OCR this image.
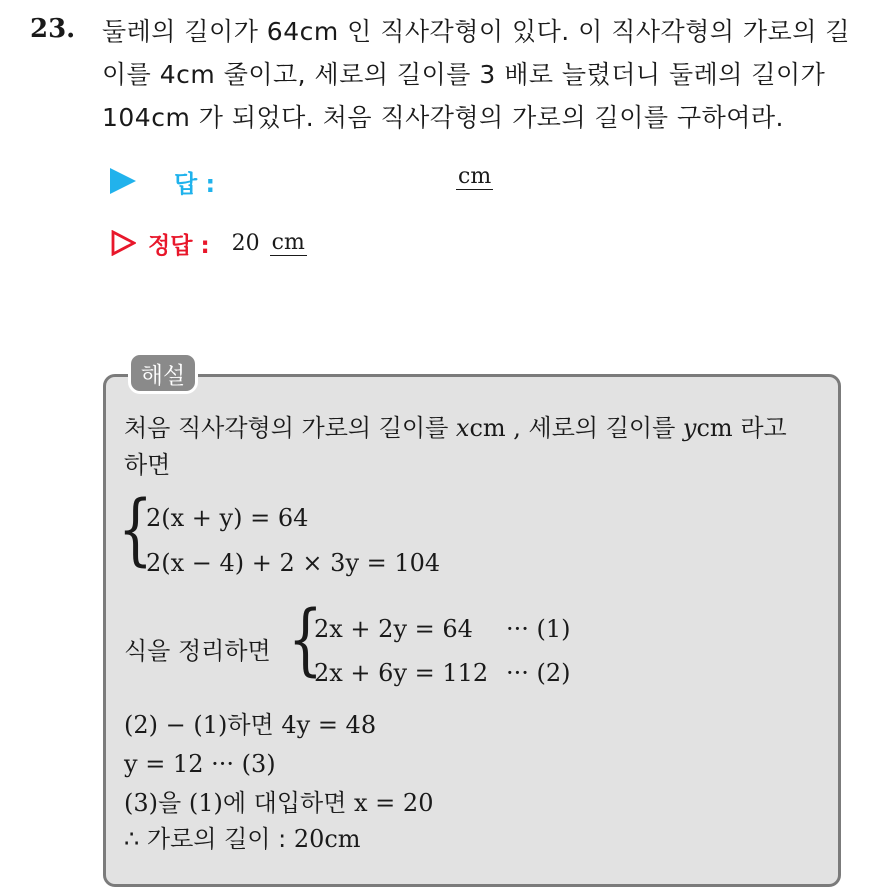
23. 둘레의 길이가 64cm 인 직사각형이 있다. 이 직사각형의 가로의 길이를 4cm 줄이고, 세로의 길이를 3 배로 늘렸더니 둘레의 길이가 104cm 가 되었다. 처음 직사각형의 가로의 길이를 구하여라.
답 :	cm
정답 : 20 cm
해설
처음 직사각형의 가로의 길이를 xcm , 세로의 길이를 ycm 라고
하면
{
2(x + y) = 64
2(x − 4) + 2 × 3y = 104
식을 정리하면 {
2x + 2y = 64 ··· (1)
2x + 6y = 112 ··· (2)
(2) − (1)하면 4y = 48
y = 12 ··· (3)
(3)을 (1)에 대입하면 x = 20
∴ 가로의 길이 : 20cm
